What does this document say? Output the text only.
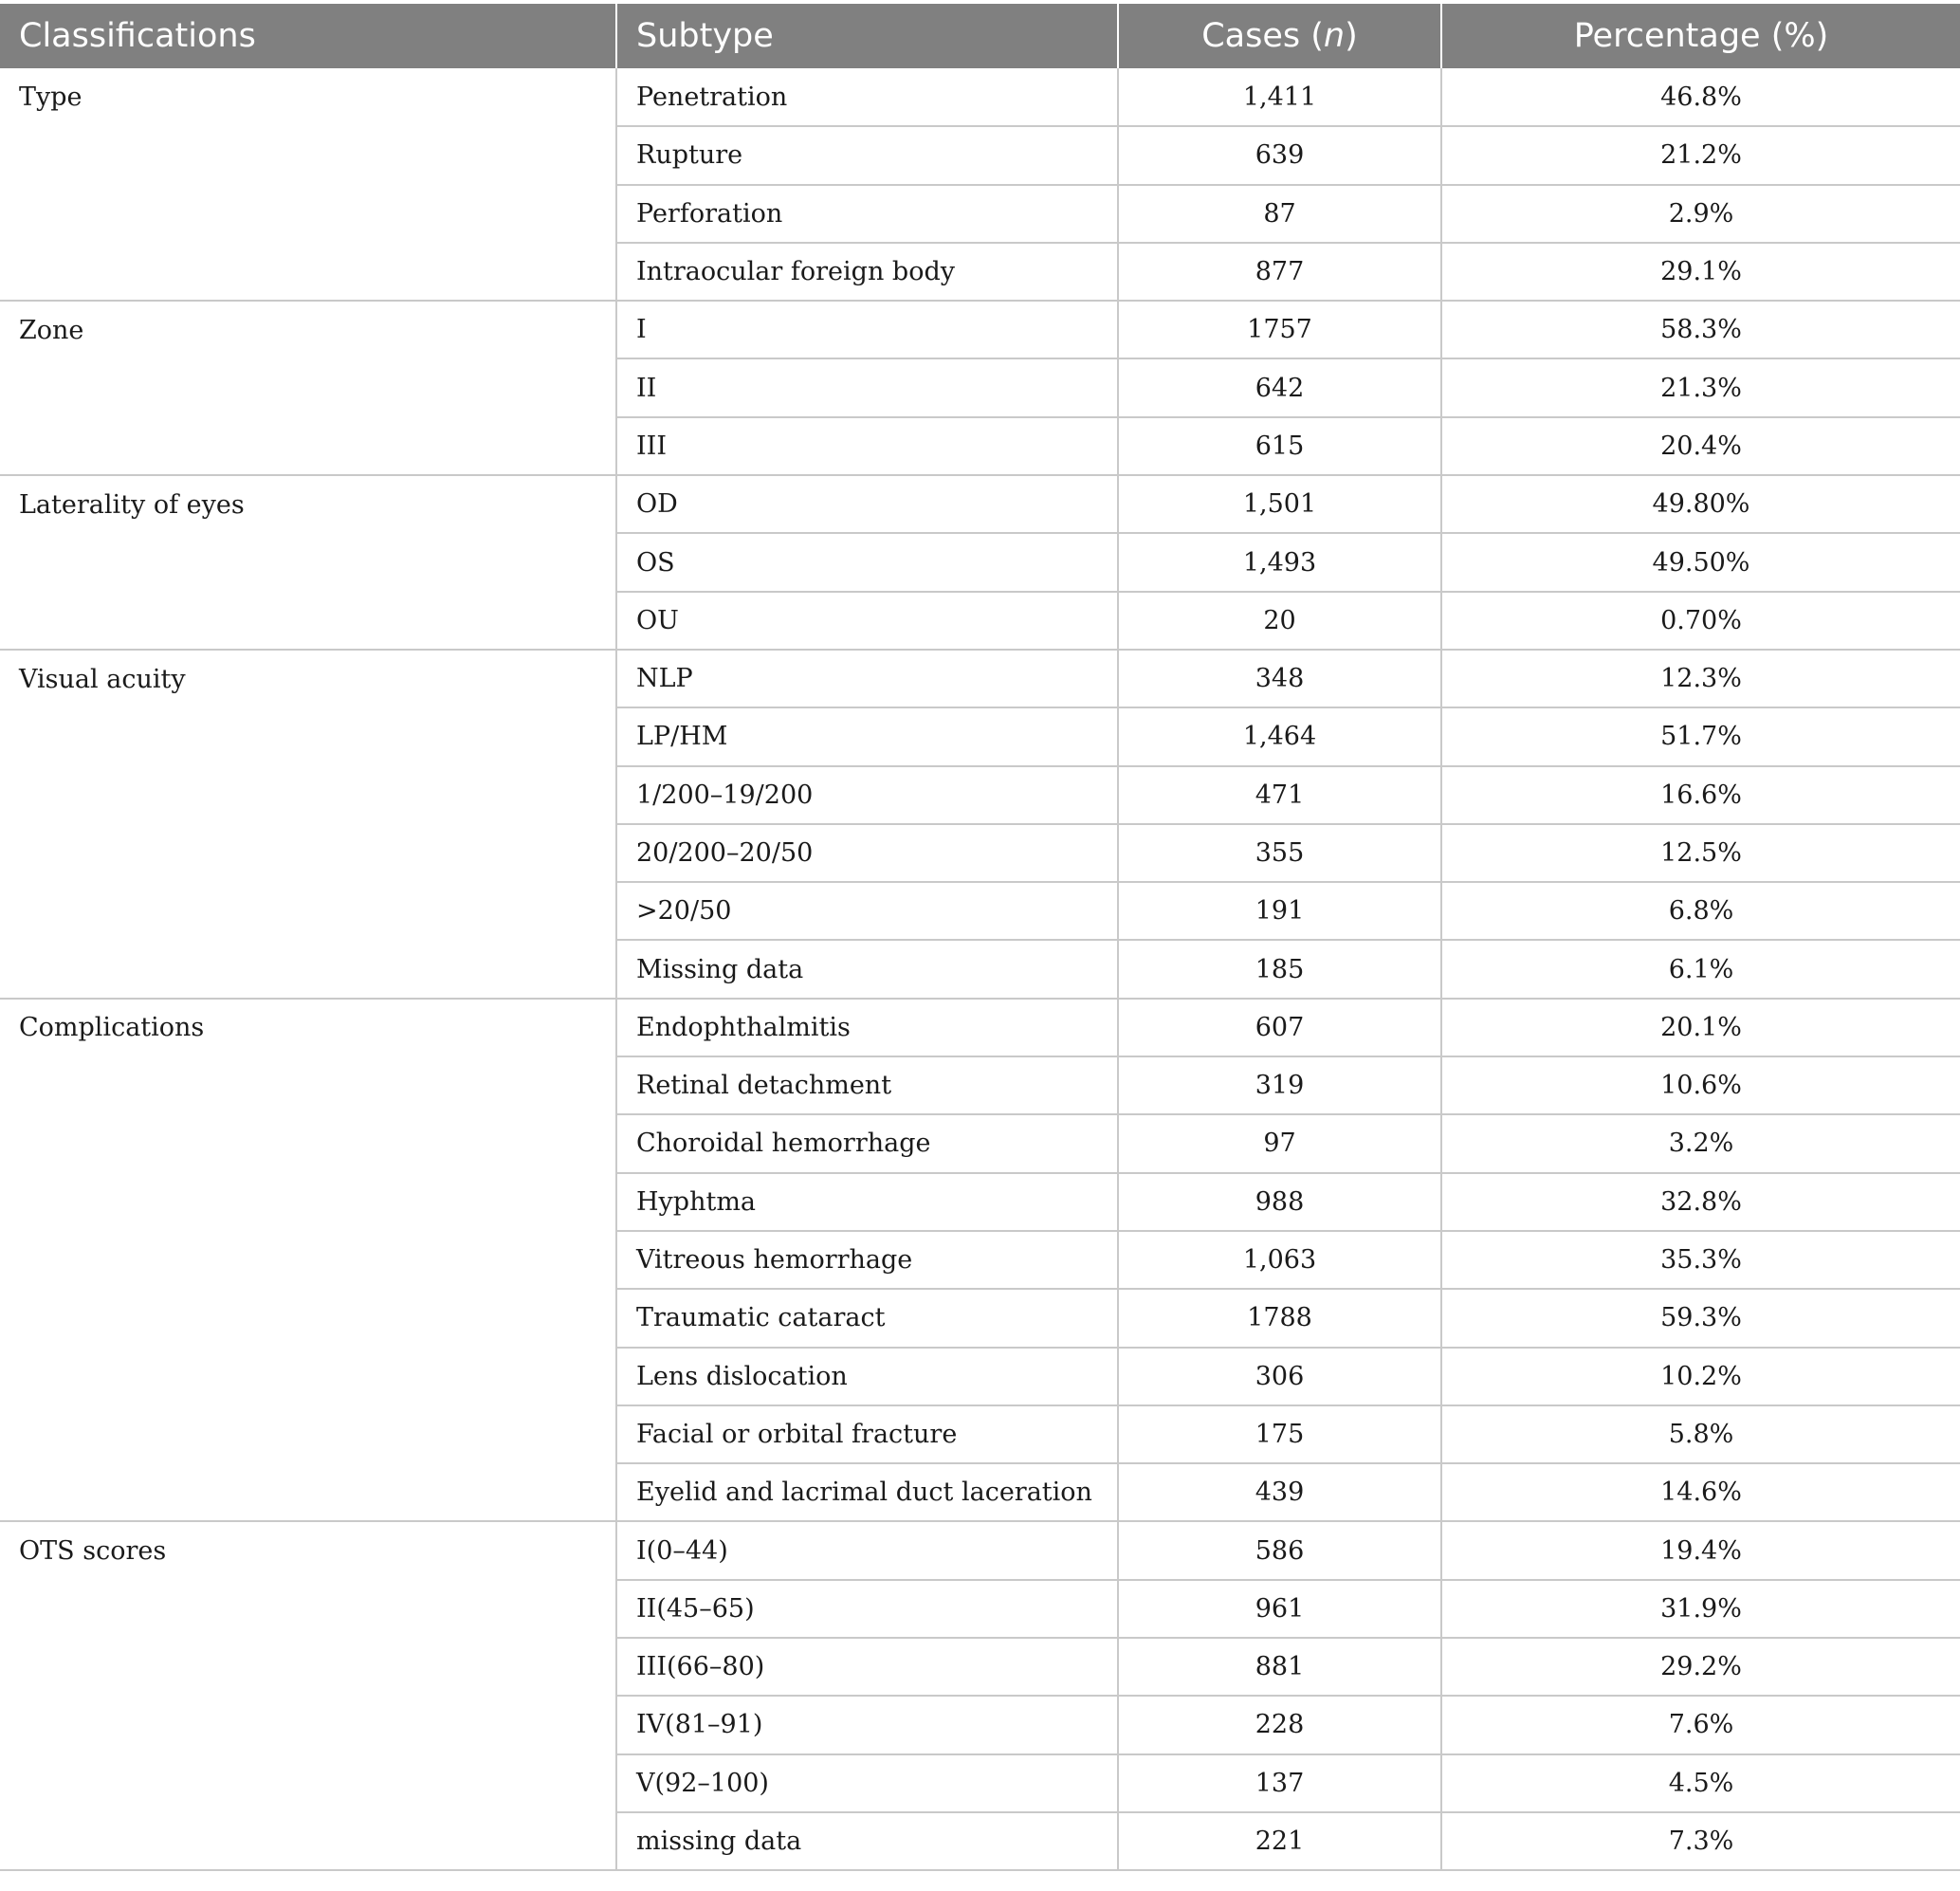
Classifications	Subtype	Cases (n)	Percentage (%)
Type	Penetration	1,411	46.8%
	Rupture	639	21.2%
	Perforation	87	2.9%
	Intraocular foreign body	877	29.1%
Zone	I	1757	58.3%
	II	642	21.3%
	III	615	20.4%
Laterality of eyes	OD	1,501	49.80%
	OS	1,493	49.50%
	OU	20	0.70%
Visual acuity	NLP	348	12.3%
	LP/HM	1,464	51.7%
	1/200–19/200	471	16.6%
	20/200–20/50	355	12.5%
	>20/50	191	6.8%
	Missing data	185	6.1%
Complications	Endophthalmitis	607	20.1%
	Retinal detachment	319	10.6%
	Choroidal hemorrhage	97	3.2%
	Hyphtma	988	32.8%
	Vitreous hemorrhage	1,063	35.3%
	Traumatic cataract	1788	59.3%
	Lens dislocation	306	10.2%
	Facial or orbital fracture	175	5.8%
	Eyelid and lacrimal duct laceration	439	14.6%
OTS scores	I(0–44)	586	19.4%
	II(45–65)	961	31.9%
	III(66–80)	881	29.2%
	IV(81–91)	228	7.6%
	V(92–100)	137	4.5%
	missing data	221	7.3%
